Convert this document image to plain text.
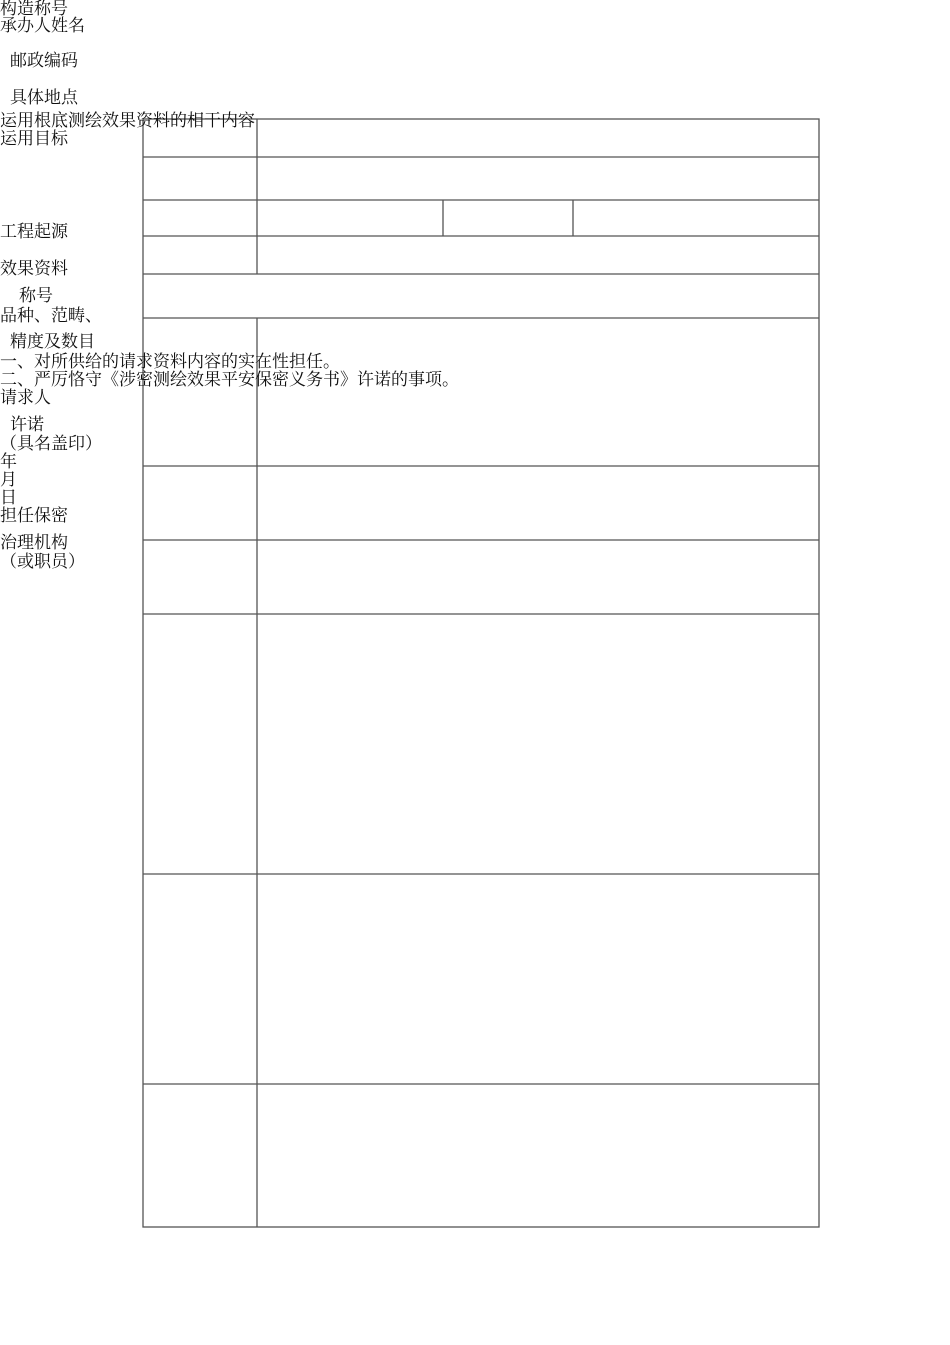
构造称号
承办人姓名
邮政编码
具体地点
运用根底测绘效果资料的相干内容
运用目标
工程起源
效果资料
称号
品种、范畴、
精度及数目
一、对所供给的请求资料内容的实在性担任。
二、严厉恪守《涉密测绘效果平安保密义务书》许诺的事项。
请求人
许诺
（具名盖印）
年
月
日
担任保密
治理机构
（或职员）
